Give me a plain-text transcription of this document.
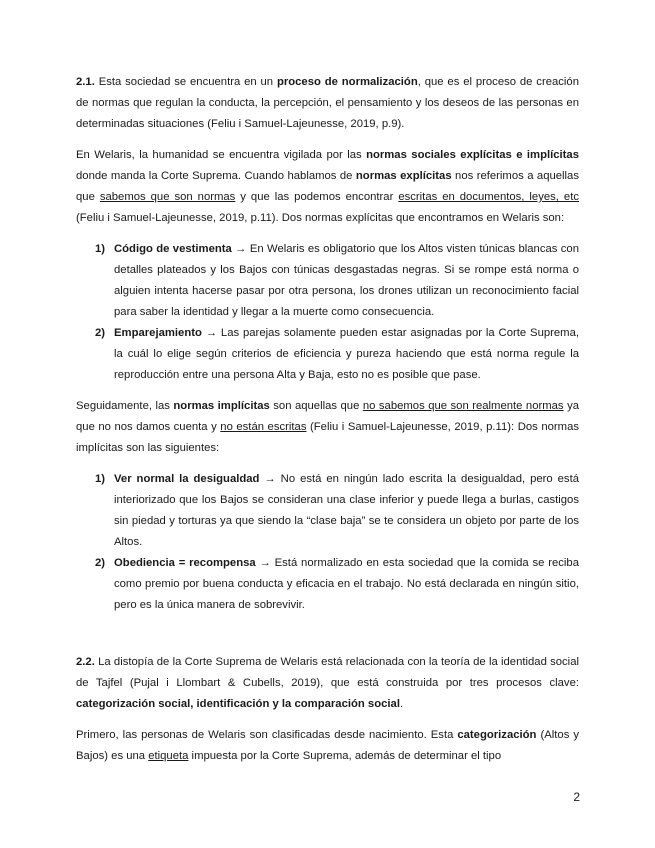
2.1. Esta sociedad se encuentra en un proceso de normalización, que es el proceso de creación de normas que regulan la conducta, la percepción, el pensamiento y los deseos de las personas en determinadas situaciones (Feliu i Samuel-Lajeunesse, 2019, p.9).

En Welaris, la humanidad se encuentra vigilada por las normas sociales explícitas e implícitas donde manda la Corte Suprema. Cuando hablamos de normas explícitas nos referimos a aquellas que sabemos que son normas y que las podemos encontrar escritas en documentos, leyes, etc (Feliu i Samuel-Lajeunesse, 2019, p.11). Dos normas explícitas que encontramos en Welaris son:

1) Código de vestimenta → En Welaris es obligatorio que los Altos visten túnicas blancas con detalles plateados y los Bajos con túnicas desgastadas negras. Si se rompe está norma o alguien intenta hacerse pasar por otra persona, los drones utilizan un reconocimiento facial para saber la identidad y llegar a la muerte como consecuencia.
2) Emparejamiento → Las parejas solamente pueden estar asignadas por la Corte Suprema, la cuál lo elige según criterios de eficiencia y pureza haciendo que está norma regule la reproducción entre una persona Alta y Baja, esto no es posible que pase.

Seguidamente, las normas implícitas son aquellas que no sabemos que son realmente normas ya que no nos damos cuenta y no están escritas (Feliu i Samuel-Lajeunesse, 2019, p.11): Dos normas implícitas son las siguientes:

1) Ver normal la desigualdad → No está en ningún lado escrita la desigualdad, pero está interiorizado que los Bajos se consideran una clase inferior y puede llega a burlas, castigos sin piedad y torturas ya que siendo la “clase baja” se te considera un objeto por parte de los Altos.
2) Obediencia = recompensa → Está normalizado en esta sociedad que la comida se reciba como premio por buena conducta y eficacia en el trabajo. No está declarada en ningún sitio, pero es la única manera de sobrevivir.

2.2. La distopía de la Corte Suprema de Welaris está relacionada con la teoría de la identidad social de Tajfel (Pujal i Llombart & Cubells, 2019), que está construida por tres procesos clave: categorización social, identificación y la comparación social.

Primero, las personas de Welaris son clasificadas desde nacimiento. Esta categorización (Altos y Bajos) es una etiqueta impuesta por la Corte Suprema, además de determinar el tipo

2
